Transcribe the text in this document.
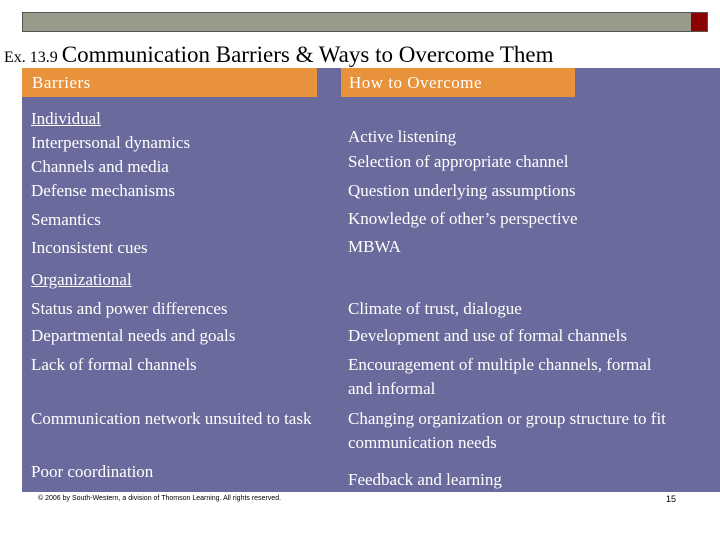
Ex. 13.9 Communication Barriers & Ways to Overcome Them
Barriers	How to Overcome
Individual
Interpersonal dynamics
Channels and media
Defense mechanisms
Semantics
Inconsistent cues
Active listening
Selection of appropriate channel
Question underlying assumptions
Knowledge of other’s perspective
MBWA
Organizational
Status and power differences
Departmental needs and goals
Lack of formal channels
Communication network unsuited to task
Poor coordination
Climate of trust, dialogue
Development and use of formal channels
Encouragement of multiple channels, formal and informal
Changing organization or group structure to fit communication needs
Feedback and learning
© 2006 by South-Western, a division of Thomson Learning. All rights reserved.	15
